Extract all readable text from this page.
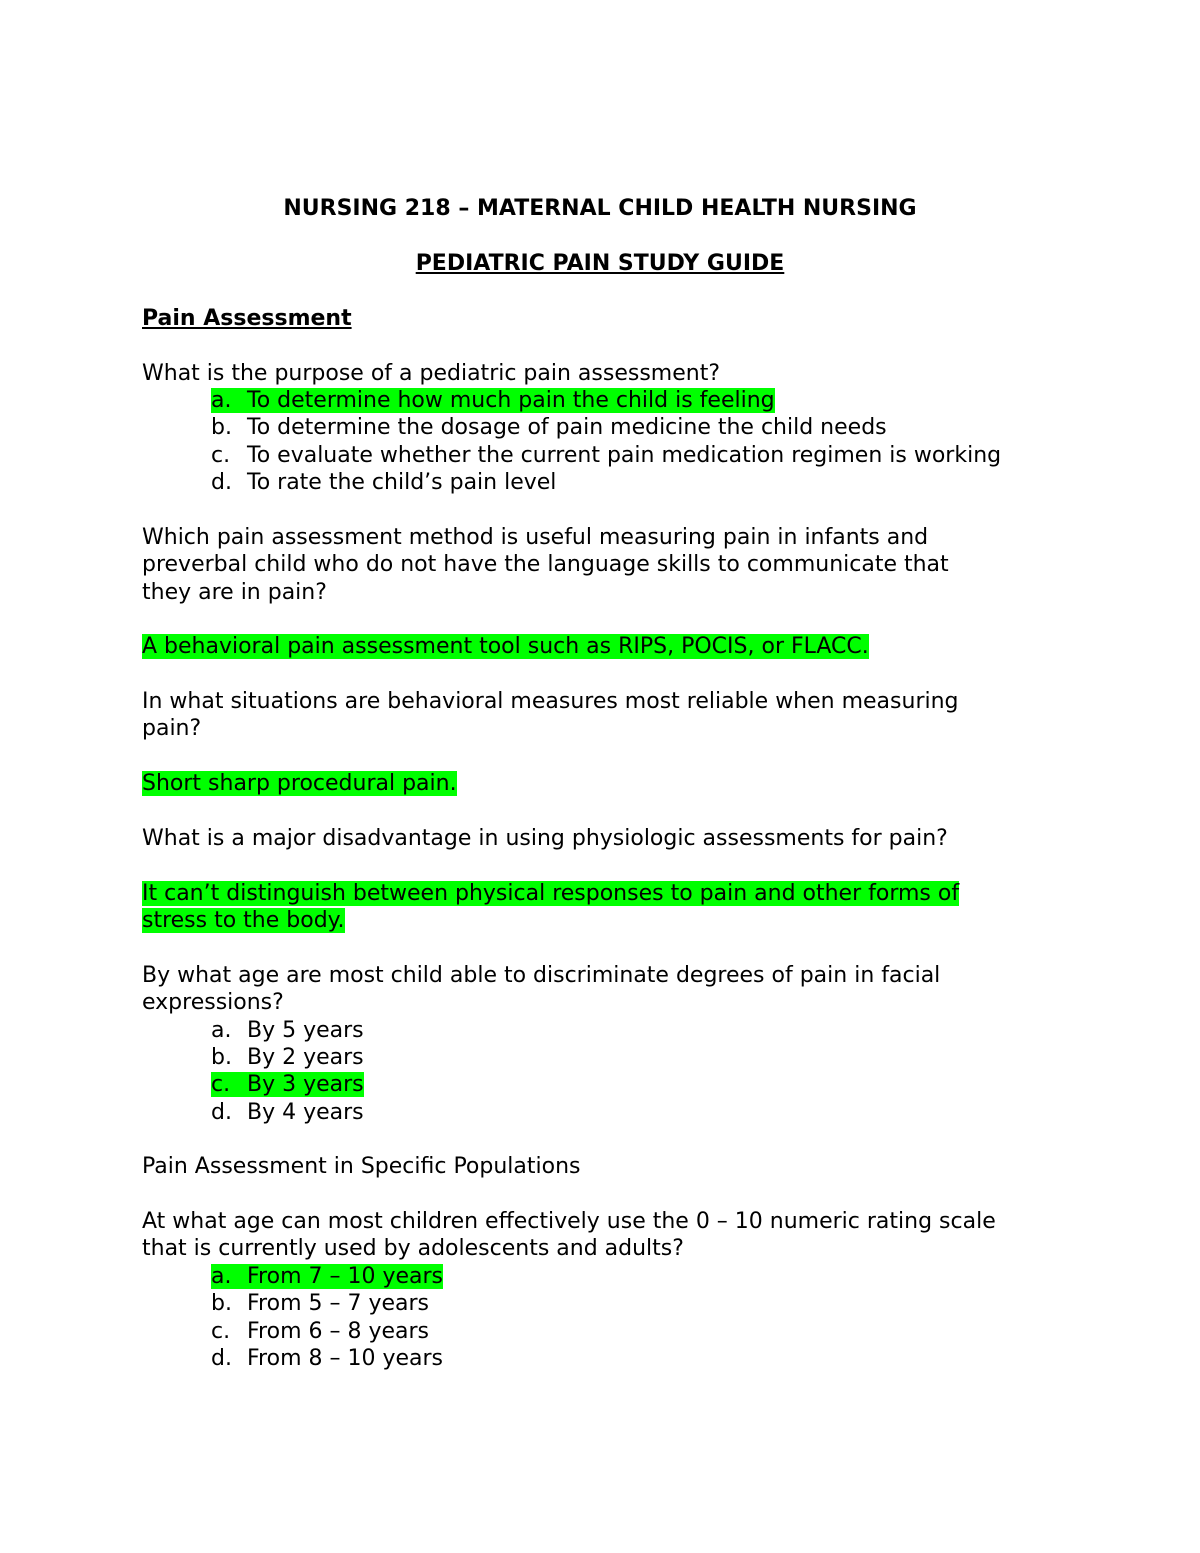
NURSING 218 – MATERNAL CHILD HEALTH NURSING
PEDIATRIC PAIN STUDY GUIDE
Pain Assessment
What is the purpose of a pediatric pain assessment?
a. To determine how much pain the child is feeling
b. To determine the dosage of pain medicine the child needs
c. To evaluate whether the current pain medication regimen is working
d. To rate the child’s pain level
Which pain assessment method is useful measuring pain in infants and
preverbal child who do not have the language skills to communicate that
they are in pain?
A behavioral pain assessment tool such as RIPS, POCIS, or FLACC.
In what situations are behavioral measures most reliable when measuring
pain?
Short sharp procedural pain.
What is a major disadvantage in using physiologic assessments for pain?
It can’t distinguish between physical responses to pain and other forms of
stress to the body.
By what age are most child able to discriminate degrees of pain in facial
expressions?
a. By 5 years
b. By 2 years
c. By 3 years
d. By 4 years
Pain Assessment in Specific Populations
At what age can most children effectively use the 0 – 10 numeric rating scale
that is currently used by adolescents and adults?
a. From 7 – 10 years
b. From 5 – 7 years
c. From 6 – 8 years
d. From 8 – 10 years
